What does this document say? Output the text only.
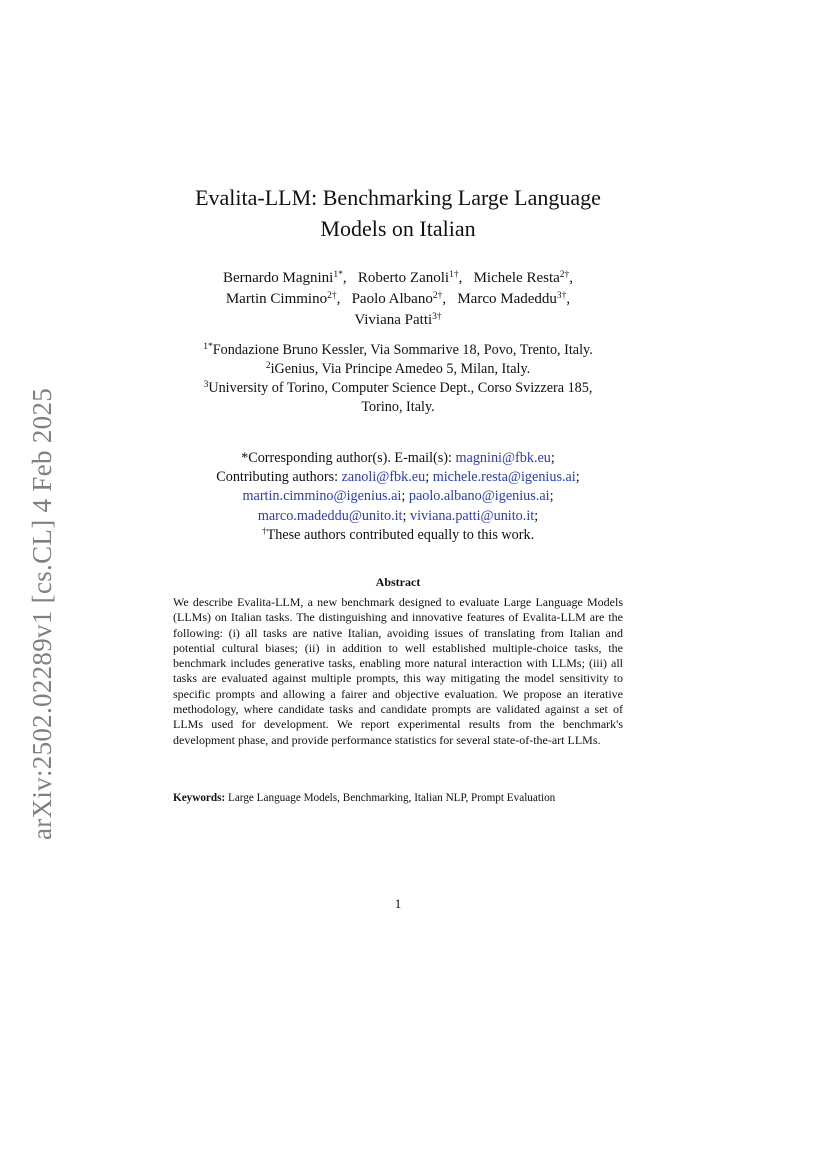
arXiv:2502.02289v1 [cs.CL] 4 Feb 2025
Evalita-LLM: Benchmarking Large Language
Models on Italian
Bernardo Magnini$^{1*}$,   Roberto Zanoli$^{1\dagger}$,   Michele Resta$^{2\dagger}$,
Martin Cimmino$^{2\dagger}$,   Paolo Albano$^{2\dagger}$,   Marco Madeddu$^{3\dagger}$,
Viviana Patti$^{3\dagger}$
$^{1*}$Fondazione Bruno Kessler, Via Sommarive 18, Povo, Trento, Italy.
$^2$iGenius, Via Principe Amedeo 5, Milan, Italy.
$^3$University of Torino, Computer Science Dept., Corso Svizzera 185,
Torino, Italy.
*Corresponding author(s). E-mail(s): magnini@fbk.eu;
Contributing authors: zanoli@fbk.eu; michele.resta@igenius.ai;
martin.cimmino@igenius.ai; paolo.albano@igenius.ai;
marco.madeddu@unito.it; viviana.patti@unito.it;
†These authors contributed equally to this work.
Abstract
We describe Evalita-LLM, a new benchmark designed to evaluate Large Language Models (LLMs) on Italian tasks. The distinguishing and innovative features of Evalita-LLM are the following: (i) all tasks are native Italian, avoiding issues of translating from Italian and potential cultural biases; (ii) in addition to well established multiple-choice tasks, the benchmark includes generative tasks, enabling more natural interaction with LLMs; (iii) all tasks are evaluated against multiple prompts, this way mitigating the model sensitivity to specific prompts and allowing a fairer and objective evaluation. We propose an iterative methodology, where candidate tasks and candidate prompts are validated against a set of LLMs used for development. We report experimental results from the benchmark's development phase, and provide performance statistics for several state-of-the-art LLMs.
Keywords: Large Language Models, Benchmarking, Italian NLP, Prompt Evaluation
1
